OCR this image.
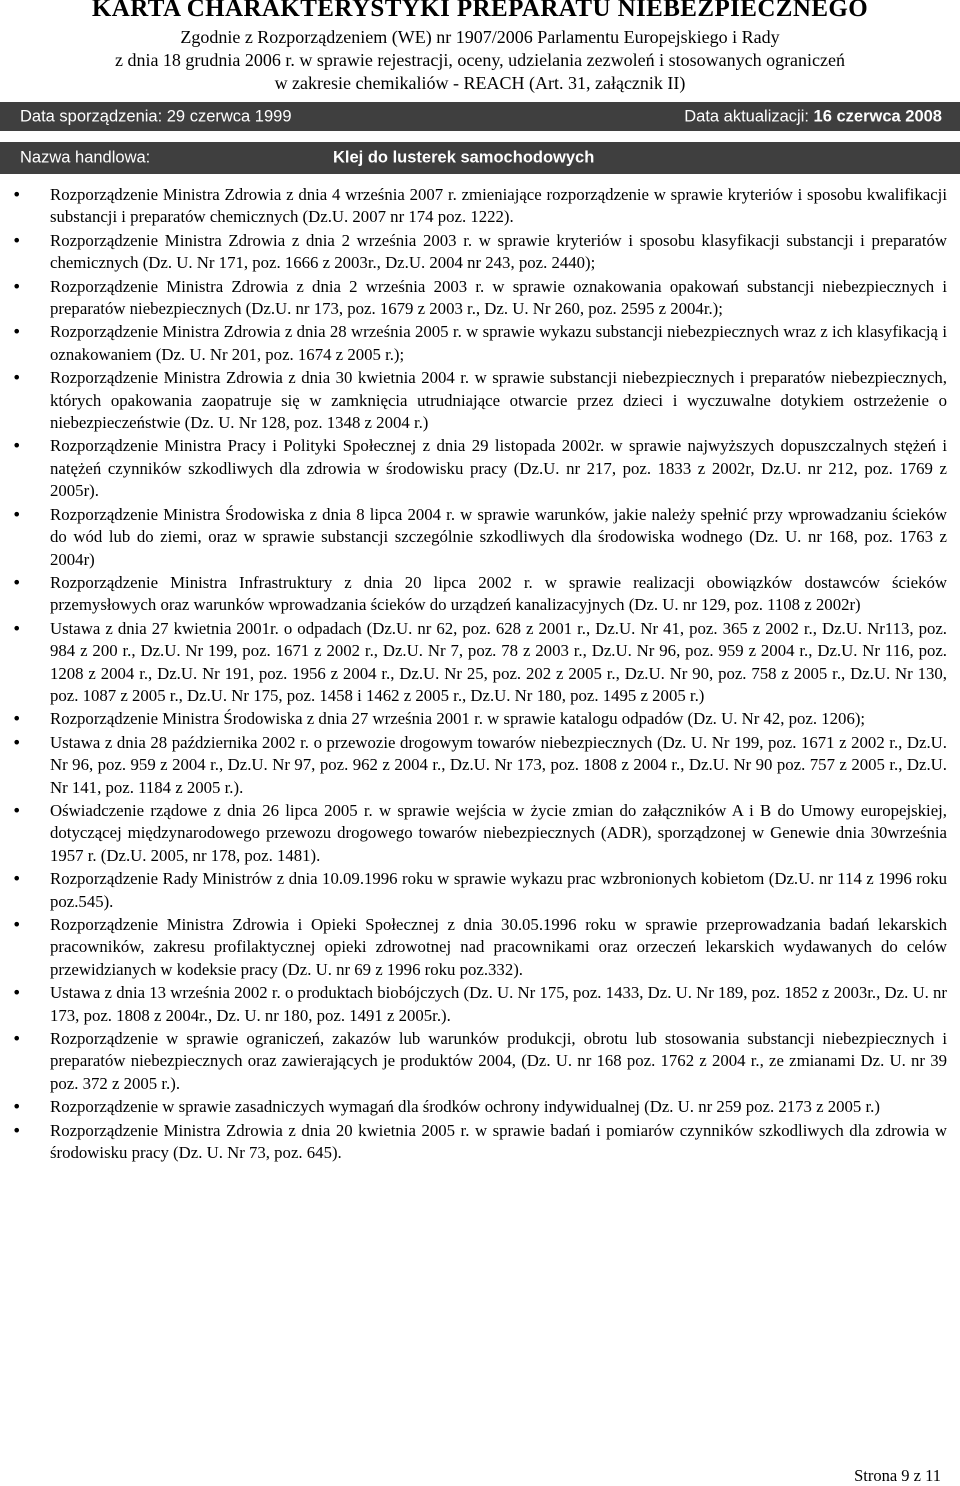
KARTA CHARAKTERYSTYKI PREPARATU NIEBEZPIECZNEGO
Zgodnie z Rozporządzeniem (WE) nr 1907/2006 Parlamentu Europejskiego i Rady
z dnia 18 grudnia 2006 r. w sprawie rejestracji, oceny, udzielania zezwoleń i stosowanych ograniczeń
w zakresie chemikaliów - REACH (Art. 31, załącznik II)
Data sporządzenia: 29 czerwca 1999	Data aktualizacji: 16 czerwca 2008
Nazwa handlowa:	Klej do lusterek samochodowych
• Rozporządzenie Ministra Zdrowia z dnia 4 września 2007 r. zmieniające rozporządzenie w sprawie kryteriów i sposobu kwalifikacji substancji i preparatów chemicznych (Dz.U. 2007 nr 174 poz. 1222).
• Rozporządzenie Ministra Zdrowia z dnia 2 września 2003 r. w sprawie kryteriów i sposobu klasyfikacji substancji i preparatów chemicznych (Dz. U. Nr 171, poz. 1666 z 2003r., Dz.U. 2004 nr 243, poz. 2440);
• Rozporządzenie Ministra Zdrowia z dnia 2 września 2003 r. w sprawie oznakowania opakowań substancji niebezpiecznych i preparatów niebezpiecznych (Dz.U. nr 173, poz. 1679 z 2003 r., Dz. U. Nr 260, poz. 2595 z 2004r.);
• Rozporządzenie Ministra Zdrowia z dnia 28 września 2005 r. w sprawie wykazu substancji niebezpiecznych wraz z ich klasyfikacją i oznakowaniem (Dz. U. Nr 201, poz. 1674 z 2005 r.);
• Rozporządzenie Ministra Zdrowia z dnia 30 kwietnia 2004 r. w sprawie substancji niebezpiecznych i preparatów niebezpiecznych, których opakowania zaopatruje się w zamknięcia utrudniające otwarcie przez dzieci i wyczuwalne dotykiem ostrzeżenie o niebezpieczeństwie (Dz. U. Nr 128, poz. 1348 z 2004 r.)
• Rozporządzenie Ministra Pracy i Polityki Społecznej z dnia 29 listopada 2002r. w sprawie najwyższych dopuszczalnych stężeń i natężeń czynników szkodliwych dla zdrowia w środowisku pracy (Dz.U. nr 217, poz. 1833 z 2002r, Dz.U. nr 212, poz. 1769 z 2005r).
• Rozporządzenie Ministra Środowiska z dnia 8 lipca 2004 r. w sprawie warunków, jakie należy spełnić przy wprowadzaniu ścieków do wód lub do ziemi, oraz w sprawie substancji szczególnie szkodliwych dla środowiska wodnego (Dz. U. nr 168, poz. 1763 z 2004r)
• Rozporządzenie Ministra Infrastruktury z dnia 20 lipca 2002 r. w sprawie realizacji obowiązków dostawców ścieków przemysłowych oraz warunków wprowadzania ścieków do urządzeń kanalizacyjnych (Dz. U. nr 129, poz. 1108 z 2002r)
• Ustawa z dnia 27 kwietnia 2001r. o odpadach (Dz.U. nr 62, poz. 628 z 2001 r., Dz.U. Nr 41, poz. 365 z 2002 r., Dz.U. Nr113, poz. 984 z 200 r., Dz.U. Nr 199, poz. 1671 z 2002 r., Dz.U. Nr 7, poz. 78 z 2003 r., Dz.U. Nr 96, poz. 959 z 2004 r., Dz.U. Nr 116, poz. 1208 z 2004 r., Dz.U. Nr 191, poz. 1956 z 2004 r., Dz.U. Nr 25, poz. 202 z 2005 r., Dz.U. Nr 90, poz. 758 z 2005 r., Dz.U. Nr 130, poz. 1087 z 2005 r., Dz.U. Nr 175, poz. 1458 i 1462 z 2005 r., Dz.U. Nr 180, poz. 1495 z 2005 r.)
• Rozporządzenie Ministra Środowiska z dnia 27 września 2001 r. w sprawie katalogu odpadów (Dz. U. Nr 42, poz. 1206);
• Ustawa z dnia 28 października 2002 r. o przewozie drogowym towarów niebezpiecznych (Dz. U. Nr 199, poz. 1671 z 2002 r., Dz.U. Nr 96, poz. 959 z 2004 r., Dz.U. Nr 97, poz. 962 z 2004 r., Dz.U. Nr 173, poz. 1808 z 2004 r., Dz.U. Nr 90 poz. 757 z 2005 r., Dz.U. Nr 141, poz. 1184 z 2005 r.).
• Oświadczenie rządowe z dnia 26 lipca 2005 r. w sprawie wejścia w życie zmian do załączników A i B do Umowy europejskiej, dotyczącej międzynarodowego przewozu drogowego towarów niebezpiecznych (ADR), sporządzonej w Genewie dnia 30września 1957 r. (Dz.U. 2005, nr 178, poz. 1481).
• Rozporządzenie Rady Ministrów z dnia 10.09.1996 roku w sprawie wykazu prac wzbronionych kobietom (Dz.U. nr 114 z 1996 roku poz.545).
• Rozporządzenie Ministra Zdrowia i Opieki Społecznej z dnia 30.05.1996 roku w sprawie przeprowadzania badań lekarskich pracowników, zakresu profilaktycznej opieki zdrowotnej nad pracownikami oraz orzeczeń lekarskich wydawanych do celów przewidzianych w kodeksie pracy (Dz. U. nr 69 z 1996 roku poz.332).
• Ustawa z dnia 13 września 2002 r. o produktach biobójczych (Dz. U. Nr 175, poz. 1433, Dz. U. Nr 189, poz. 1852 z 2003r., Dz. U. nr 173, poz. 1808 z 2004r., Dz. U. nr 180, poz. 1491 z 2005r.).
• Rozporządzenie w sprawie ograniczeń, zakazów lub warunków produkcji, obrotu lub stosowania substancji niebezpiecznych i preparatów niebezpiecznych oraz zawierających je produktów 2004, (Dz. U. nr 168 poz. 1762 z 2004 r., ze zmianami Dz. U. nr 39 poz. 372 z 2005 r.).
• Rozporządzenie w sprawie zasadniczych wymagań dla środków ochrony indywidualnej (Dz. U. nr 259 poz. 2173 z 2005 r.)
• Rozporządzenie Ministra Zdrowia z dnia 20 kwietnia 2005 r. w sprawie badań i pomiarów czynników szkodliwych dla zdrowia w środowisku pracy (Dz. U. Nr 73, poz. 645).
Strona 9 z 11
